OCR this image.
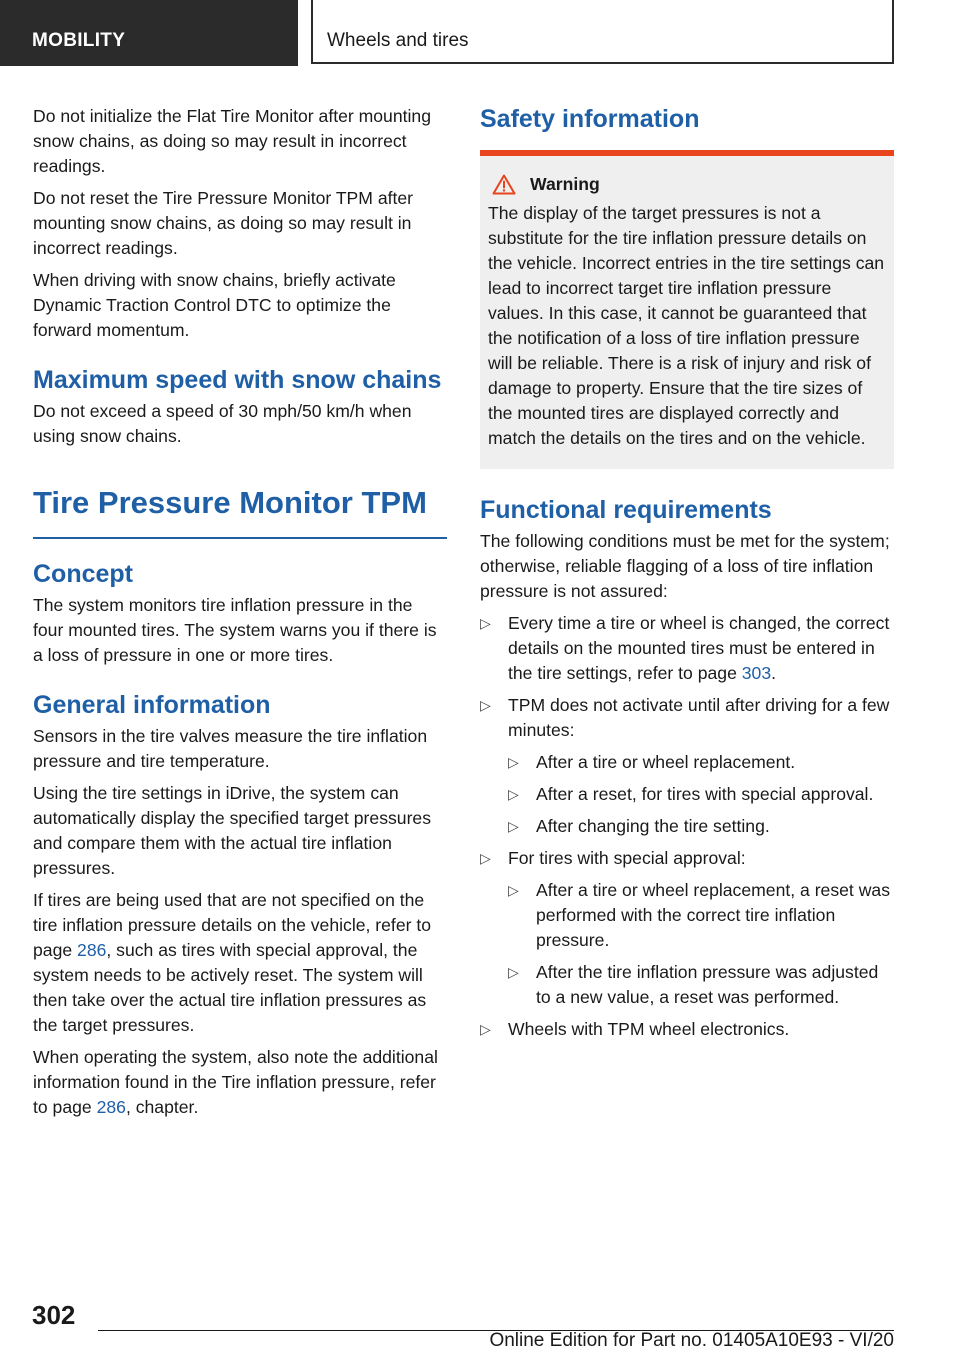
MOBILITY	Wheels and tires

Do not initialize the Flat Tire Monitor after mounting snow chains, as doing so may result in incorrect readings.

Do not reset the Tire Pressure Monitor TPM after mounting snow chains, as doing so may result in incorrect readings.

When driving with snow chains, briefly activate Dynamic Traction Control DTC to optimize the forward momentum.

Maximum speed with snow chains

Do not exceed a speed of 30 mph/50 km/h when using snow chains.

Tire Pressure Monitor TPM
Concept

The system monitors tire inflation pressure in the four mounted tires. The system warns you if there is a loss of pressure in one or more tires.

General information

Sensors in the tire valves measure the tire inflation pressure and tire temperature.

Using the tire settings in iDrive, the system can automatically display the specified target pressures and compare them with the actual tire inflation pressures.

If tires are being used that are not specified on the tire inflation pressure details on the vehicle, refer to page 286, such as tires with special approval, the system needs to be actively reset. The system will then take over the actual tire inflation pressures as the target pressures.

When operating the system, also note the additional information found in the Tire inflation pressure, refer to page 286, chapter.

Safety information
Warning
The display of the target pressures is not a substitute for the tire inflation pressure details on the vehicle. Incorrect entries in the tire settings can lead to incorrect target tire inflation pressure values. In this case, it cannot be guaranteed that the notification of a loss of tire inflation pressure will be reliable. There is a risk of injury and risk of damage to property. Ensure that the tire sizes of the mounted tires are displayed correctly and match the details on the tires and on the vehicle.
Functional requirements

The following conditions must be met for the system; otherwise, reliable flagging of a loss of tire inflation pressure is not assured:

▷ Every time a tire or wheel is changed, the correct details on the mounted tires must be entered in the tire settings, refer to page 303.
▷ TPM does not activate until after driving for a few minutes:
▷ After a tire or wheel replacement.
▷ After a reset, for tires with special approval.
▷ After changing the tire setting.
▷ For tires with special approval:
▷ After a tire or wheel replacement, a reset was performed with the correct tire inflation pressure.
▷ After the tire inflation pressure was adjusted to a new value, a reset was performed.
▷ Wheels with TPM wheel electronics.
302
Online Edition for Part no. 01405A10E93 - VI/20
